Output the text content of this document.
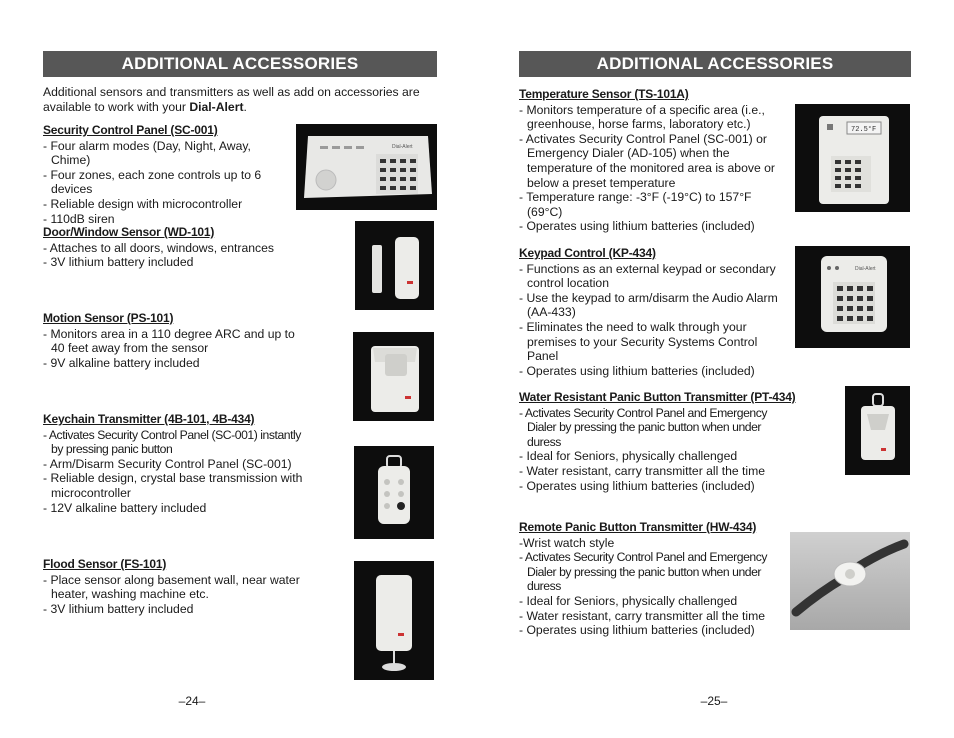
ADDITIONAL ACCESSORIES
Additional sensors and transmitters as well as add on accessories are available to work with your Dial-Alert.
Security Control Panel (SC-001)
- Four alarm modes (Day, Night, Away, Chime)
- Four zones, each zone controls up to 6 devices
- Reliable design with microcontroller
- 110dB siren
Dial-Alert
Door/Window Sensor (WD-101)
- Attaches to all doors, windows, entrances
- 3V lithium battery included
Motion Sensor (PS-101)
- Monitors area in a 110 degree ARC and up to 40 feet away from the sensor
- 9V alkaline battery included
Keychain Transmitter (4B-101, 4B-434)
- Activates Security Control Panel (SC-001) instantly by pressing panic button
- Arm/Disarm Security Control Panel (SC-001)
- Reliable design, crystal base transmission with microcontroller
- 12V alkaline battery included
Flood Sensor (FS-101)
- Place sensor along basement wall, near water heater, washing machine etc.
- 3V lithium battery included
–24–
ADDITIONAL ACCESSORIES
Temperature Sensor (TS-101A)
- Monitors temperature of a specific area (i.e., greenhouse, horse farms, laboratory etc.)
- Activates Security Control Panel (SC-001) or Emergency Dialer (AD-105) when the temperature of the monitored area is above or below a preset temperature
- Temperature range: -3°F (-19°C) to 157°F (69°C)
- Operates using lithium batteries (included)
72.5°F
Keypad Control (KP-434)
- Functions as an external keypad or secondary control location
- Use the keypad to arm/disarm the Audio Alarm (AA-433)
- Eliminates the need to walk through your premises to your Security Systems Control Panel
- Operates using lithium batteries (included)
Dial-Alert
Water Resistant Panic Button Transmitter (PT-434)
- Activates Security Control Panel and Emergency Dialer by pressing the panic button when under duress
- Ideal for Seniors, physically challenged
- Water resistant, carry transmitter all the time
- Operates using lithium batteries (included)
Remote Panic Button Transmitter (HW-434)
-Wrist watch style
- Activates Security Control Panel and Emergency Dialer by pressing the panic button when under duress
- Ideal for Seniors, physically challenged
- Water resistant, carry transmitter all the time
- Operates using lithium batteries (included)
–25–
